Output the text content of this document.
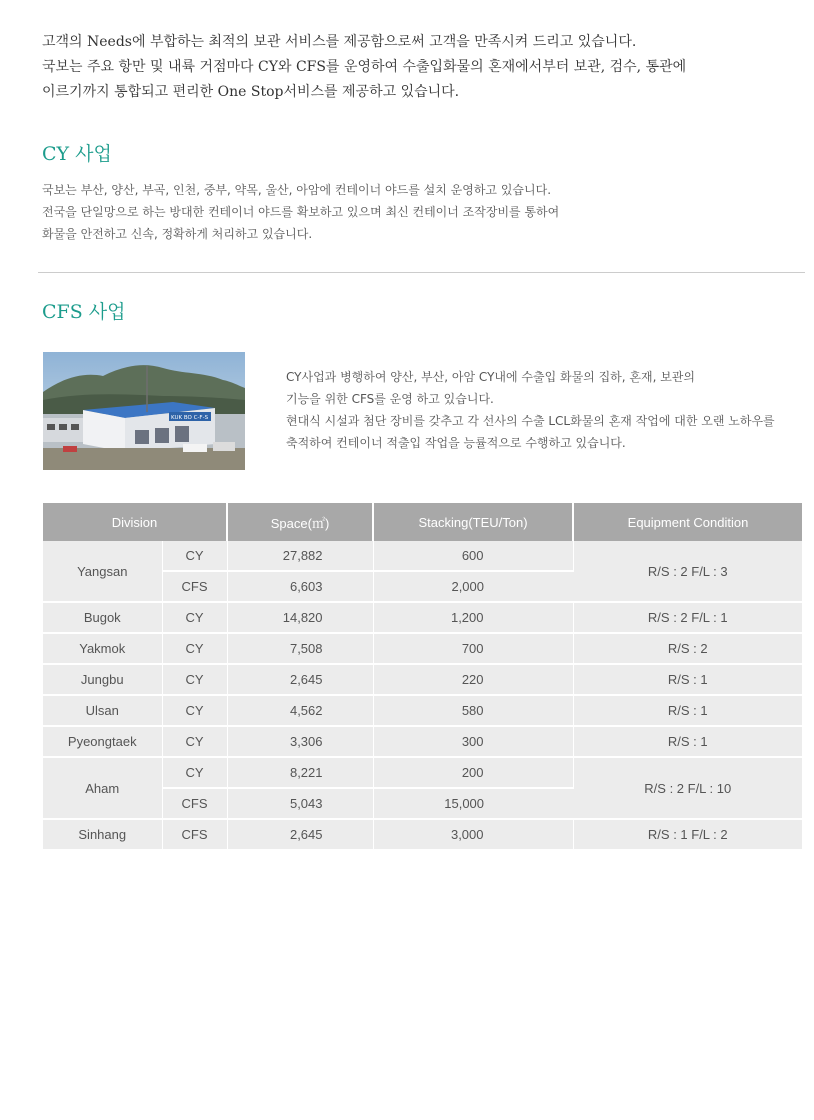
고객의 Needs에 부합하는 최적의 보관 서비스를 제공함으로써 고객을 만족시켜 드리고 있습니다.

국보는 주요 항만 및 내륙 거점마다 CY와 CFS를 운영하여 수출입화물의 혼재에서부터 보관, 검수, 통관에

이르기까지 통합되고 편리한 One Stop서비스를 제공하고 있습니다.

CY 사업

국보는 부산, 양산, 부곡, 인천, 중부, 약목, 울산, 아암에 컨테이너 야드를 설치 운영하고 있습니다.

전국을 단일망으로 하는 방대한 컨테이너 야드를 확보하고 있으며 최신 컨테이너 조작장비를 통하여

화물을 안전하고 신속, 정확하게 처리하고 있습니다.

CFS 사업
KUK BO C-F-S

CY사업과 병행하여 양산, 부산, 아암 CY내에 수출입 화물의 집하, 혼재, 보관의

기능을 위한 CFS를 운영 하고 있습니다.

현대식 시설과 첨단 장비를 갖추고 각 선사의 수출 LCL화물의 혼재 작업에 대한 오랜 노하우를

축적하여 컨테이너 적출입 작업을 능률적으로 수행하고 있습니다.

Division		Space(㎡)	Stacking(TEU/Ton)	Equipment Condition
Yangsan	CY	27,882	600	R/S : 2 F/L : 3
	CFS	6,603	2,000	
Bugok	CY	14,820	1,200	R/S : 2 F/L : 1
Yakmok	CY	7,508	700	R/S : 2
Jungbu	CY	2,645	220	R/S : 1
Ulsan	CY	4,562	580	R/S : 1
Pyeongtaek	CY	3,306	300	R/S : 1
Aham	CY	8,221	200	R/S : 2 F/L : 10
	CFS	5,043	15,000	
Sinhang	CFS	2,645	3,000	R/S : 1 F/L : 2
